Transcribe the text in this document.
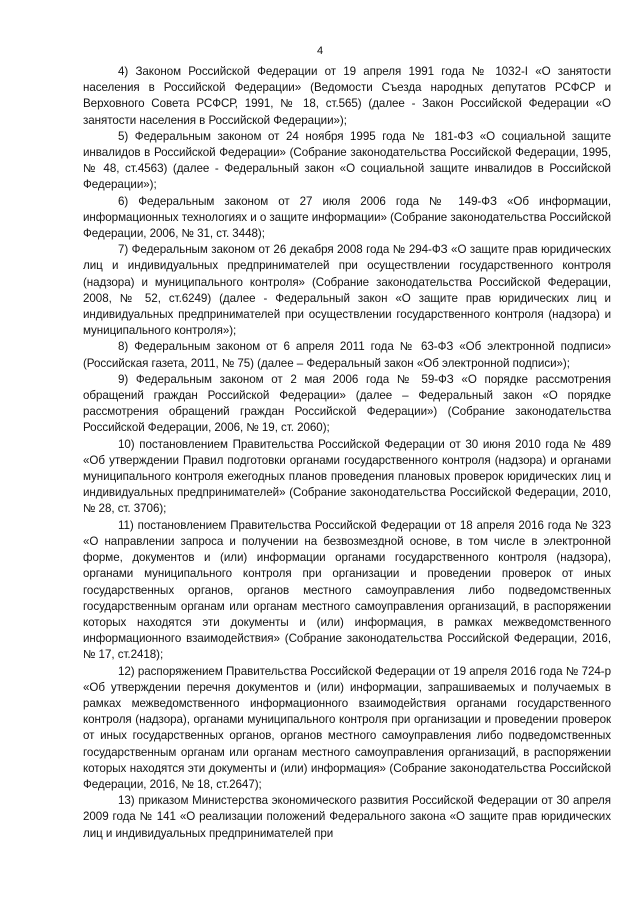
4

4) Законом Российской Федерации от 19 апреля 1991 года № 1032-I «О занятости населения в Российской Федерации» (Ведомости Съезда народных депутатов РСФСР и Верховного Совета РСФСР, 1991, № 18, ст.565) (далее - Закон Российской Федерации «О занятости населения в Российской Федерации»);

5) Федеральным законом от 24 ноября 1995 года № 181-ФЗ «О социальной защите инвалидов в Российской Федерации» (Собрание законодательства Российской Федерации, 1995, № 48, ст.4563) (далее - Федеральный закон «О социальной защите инвалидов в Российской Федерации»);

6) Федеральным законом от 27 июля 2006 года № 149-ФЗ «Об информации, информационных технологиях и о защите информации» (Собрание законодательства Российской Федерации, 2006, № 31, ст. 3448);

7) Федеральным законом от 26 декабря 2008 года № 294-ФЗ «О защите прав юридических лиц и индивидуальных предпринимателей при осуществлении государственного контроля (надзора) и муниципального контроля» (Собрание законодательства Российской Федерации, 2008, № 52, ст.6249) (далее - Федеральный закон «О защите прав юридических лиц и индивидуальных предпринимателей при осуществлении государственного контроля (надзора) и муниципального контроля»);

8) Федеральным законом от 6 апреля 2011 года № 63-ФЗ «Об электронной подписи» (Российская газета, 2011, № 75) (далее – Федеральный закон «Об электронной подписи»);

9) Федеральным законом от 2 мая 2006 года № 59-ФЗ «О порядке рассмотрения обращений граждан Российской Федерации» (далее – Федеральный закон «О порядке рассмотрения обращений граждан Российской Федерации») (Собрание законодательства Российской Федерации, 2006, № 19, ст. 2060);

10) постановлением Правительства Российской Федерации от 30 июня 2010 года № 489 «Об утверждении Правил подготовки органами государственного контроля (надзора) и органами муниципального контроля ежегодных планов проведения плановых проверок юридических лиц и индивидуальных предпринимателей» (Собрание законодательства Российской Федерации, 2010, № 28, ст. 3706);

11) постановлением Правительства Российской Федерации от 18 апреля 2016 года № 323 «О направлении запроса и получении на безвозмездной основе, в том числе в электронной форме, документов и (или) информации органами государственного контроля (надзора), органами муниципального контроля при организации и проведении проверок от иных государственных органов, органов местного самоуправления либо подведомственных государственным органам или органам местного самоуправления организаций, в распоряжении которых находятся эти документы и (или) информация, в рамках межведомственного информационного взаимодействия» (Собрание законодательства Российской Федерации, 2016, № 17, ст.2418);

12) распоряжением Правительства Российской Федерации от 19 апреля 2016 года № 724-р «Об утверждении перечня документов и (или) информации, запрашиваемых и получаемых в рамках межведомственного информационного взаимодействия органами государственного контроля (надзора), органами муниципального контроля при организации и проведении проверок от иных государственных органов, органов местного самоуправления либо подведомственных государственным органам или органам местного самоуправления организаций, в распоряжении которых находятся эти документы и (или) информация» (Собрание законодательства Российской Федерации, 2016, № 18, ст.2647);

13) приказом Министерства экономического развития Российской Федерации от 30 апреля 2009 года № 141 «О реализации положений Федерального закона «О защите прав юридических лиц и индивидуальных предпринимателей при
